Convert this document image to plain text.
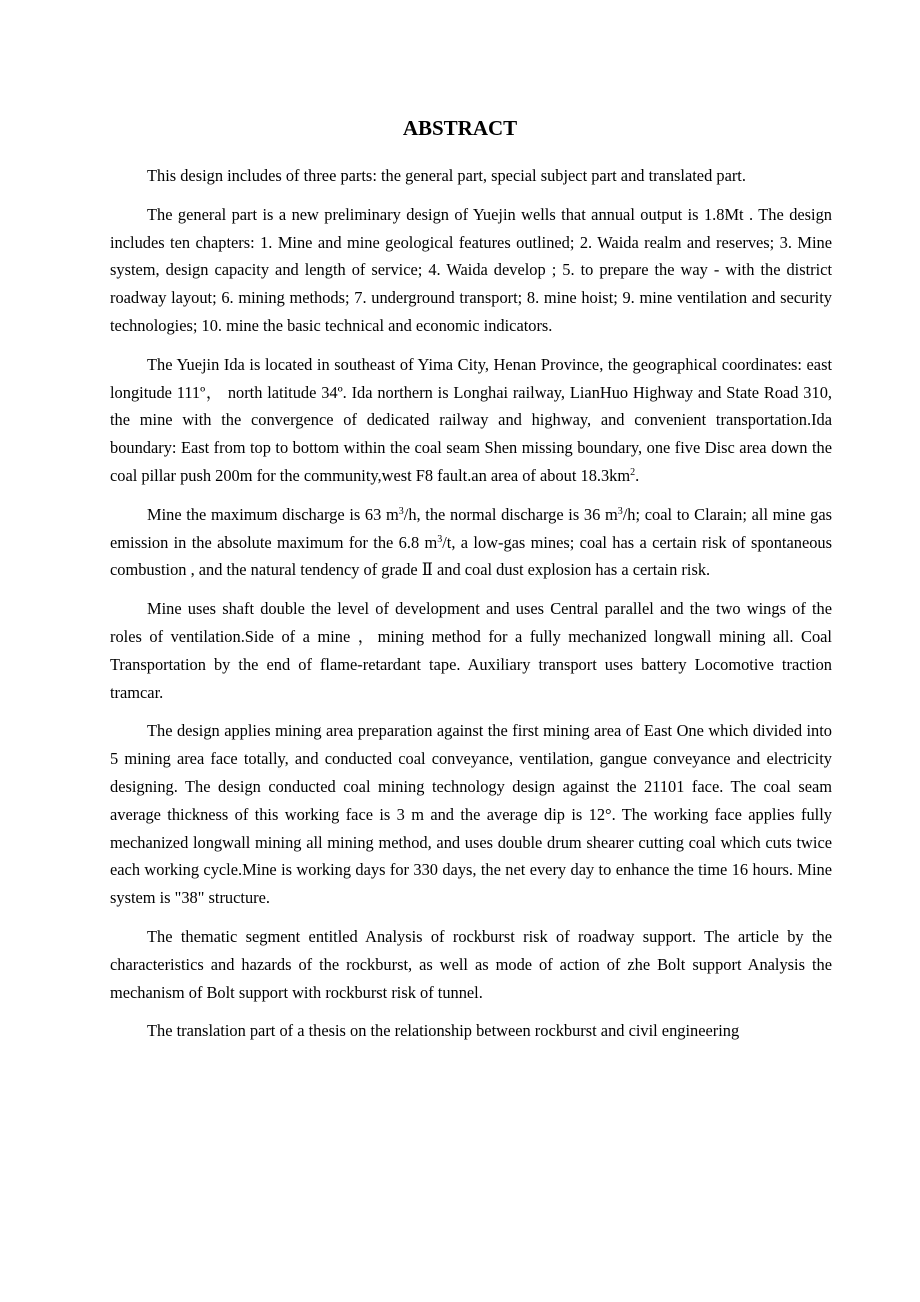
ABSTRACT

This design includes of three parts: the general part, special subject part and translated part.

The general part is a new preliminary design of Yuejin wells that annual output is 1.8Mt . The design includes ten chapters: 1. Mine and mine geological features outlined; 2. Waida realm and reserves; 3. Mine system, design capacity and length of service; 4. Waida develop ; 5. to prepare the way - with the district roadway layout; 6. mining methods; 7. underground transport; 8. mine hoist; 9. mine ventilation and security technologies; 10. mine the basic technical and economic indicators.

The Yuejin Ida is located in southeast of Yima City, Henan Province, the geographical coordinates: east longitude 111º， north latitude 34º. Ida northern is Longhai railway, LianHuo Highway and State Road 310, the mine with the convergence of dedicated railway and highway, and convenient transportation.Ida boundary: East from top to bottom within the coal seam Shen missing boundary, one five Disc area down the coal pillar push 200m for the community,west F8 fault.an area of about $18.3km^2$.

Mine the maximum discharge is 63 $m^3/h$, the normal discharge is 36 $m^3/h$; coal to Clarain; all mine gas emission in the absolute maximum for the 6.8 $m^3/t$, a low-gas mines; coal has a certain risk of spontaneous combustion , and the natural tendency of grade Ⅱ and coal dust explosion has a certain risk.

Mine uses shaft double the level of development and uses Central parallel and the two wings of the roles of ventilation.Side of a mine ，mining method for a fully mechanized longwall mining all. Coal Transportation by the end of flame-retardant tape. Auxiliary transport uses battery Locomotive traction tramcar.

The design applies mining area preparation against the first mining area of East One which divided into 5 mining area face totally, and conducted coal conveyance, ventilation, gangue conveyance and electricity designing. The design conducted coal mining technology design against the 21101 face. The coal seam average thickness of this working face is 3 m and the average dip is 12°. The working face applies fully mechanized longwall mining all mining method, and uses double drum shearer cutting coal which cuts twice each working cycle.Mine is working days for 330 days, the net every day to enhance the time 16 hours. Mine system is "38" structure.

The thematic segment entitled Analysis of rockburst risk of roadway support. The article by the characteristics and hazards of the rockburst, as well as mode of action of zhe Bolt support Analysis the mechanism of Bolt support with rockburst risk of tunnel.

The translation part of a thesis on the relationship between rockburst and civil engineering
